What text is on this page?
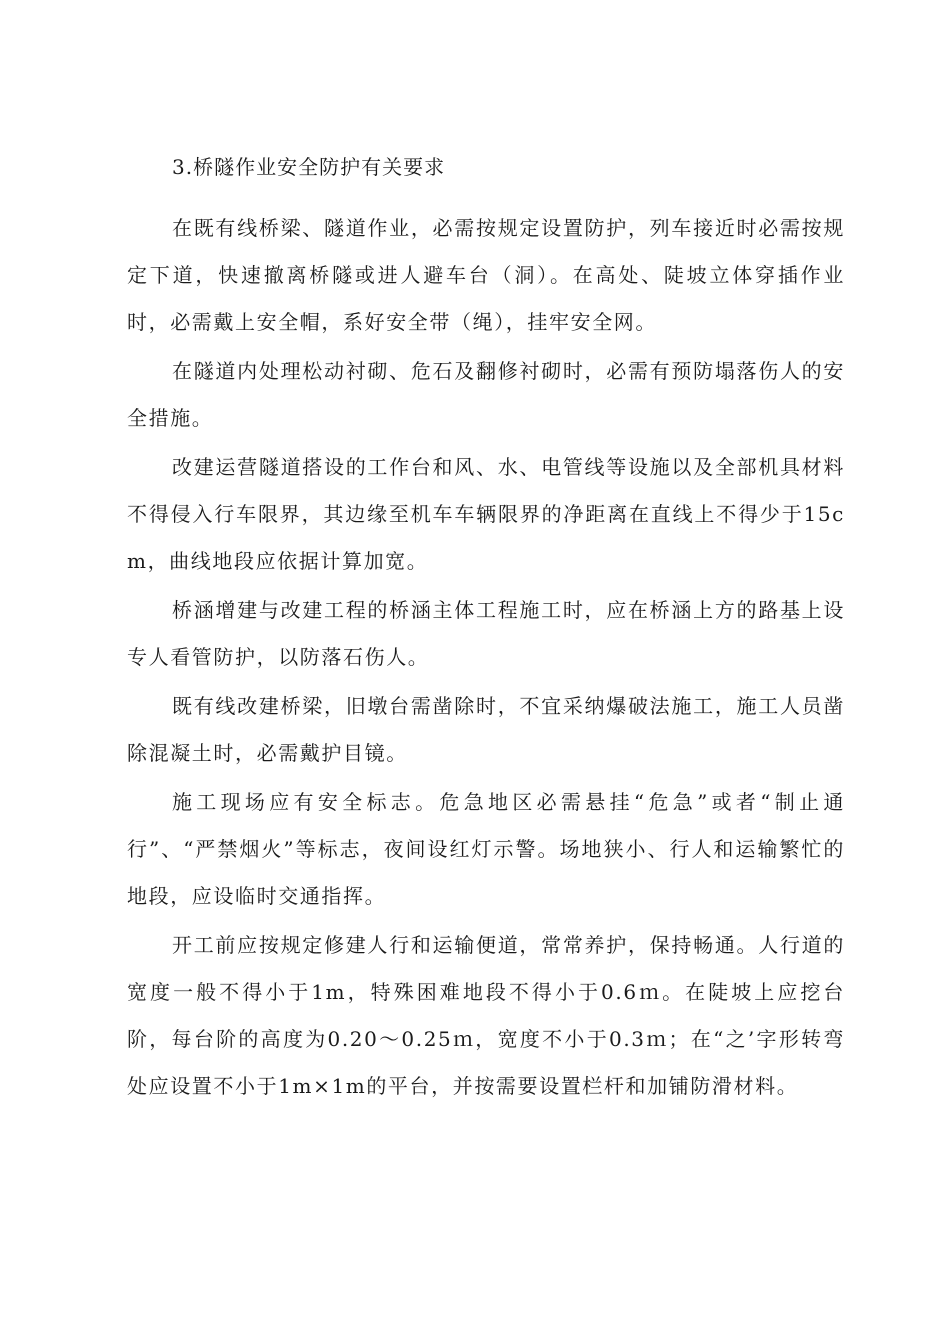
3.桥隧作业安全防护有关要求

在既有线桥梁、隧道作业，必需按规定设置防护，列车接近时必需按规定下道，快速撤离桥隧或进人避车台（洞）。在高处、陡坡立体穿插作业时，必需戴上安全帽，系好安全带（绳），挂牢安全网。

在隧道内处理松动衬砌、危石及翻修衬砌时，必需有预防塌落伤人的安全措施。

改建运营隧道搭设的工作台和风、水、电管线等设施以及全部机具材料不得侵入行车限界，其边缘至机车车辆限界的净距离在直线上不得少于15cm，曲线地段应依据计算加宽。

桥涵增建与改建工程的桥涵主体工程施工时，应在桥涵上方的路基上设专人看管防护，以防落石伤人。

既有线改建桥梁，旧墩台需凿除时，不宜采纳爆破法施工，施工人员凿除混凝土时，必需戴护目镜。

施工现场应有安全标志。危急地区必需悬挂“危急”或者“制止通行”、“严禁烟火”等标志，夜间设红灯示警。场地狭小、行人和运输繁忙的地段，应设临时交通指挥。

开工前应按规定修建人行和运输便道，常常养护，保持畅通。人行道的宽度一般不得小于1m，特殊困难地段不得小于0.6ｍ。在陡坡上应挖台阶，每台阶的高度为0.20～0.25ｍ，宽度不小于0.3ｍ；在“之’字形转弯处应设置不小于1m×1m的平台，并按需要设置栏杆和加铺防滑材料。
